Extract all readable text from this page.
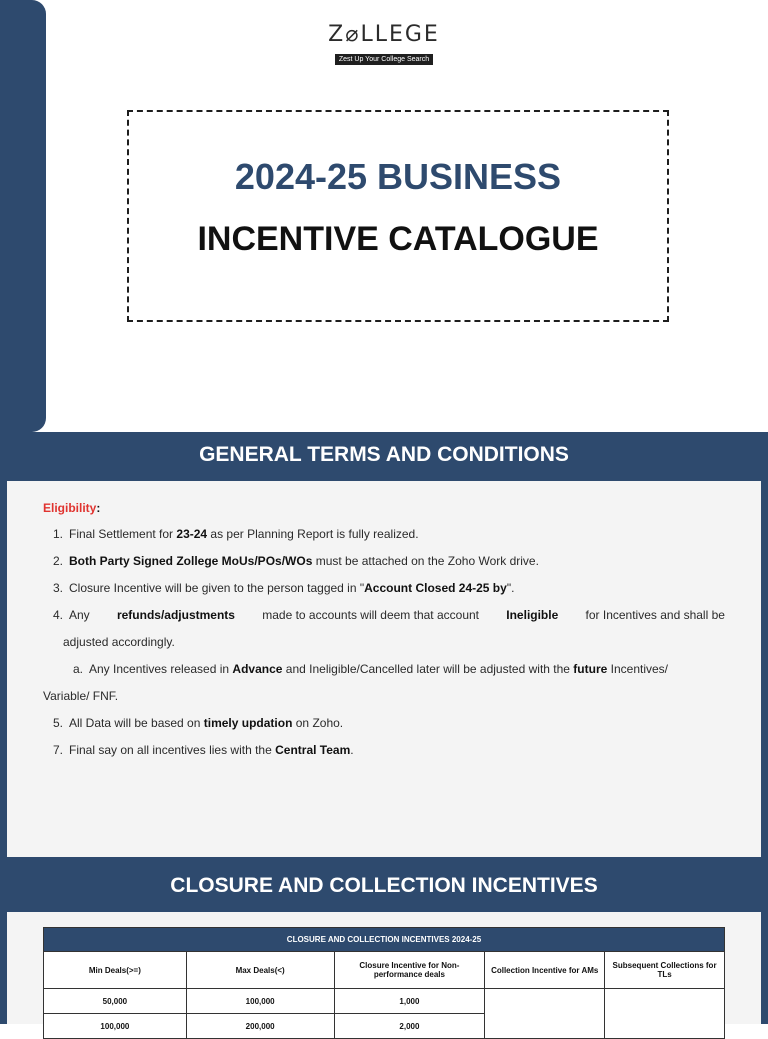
Z⌀LLEGE
Zest Up Your College Search
2024-25 BUSINESS
INCENTIVE CATALOGUE
GENERAL TERMS AND CONDITIONS
Eligibility:
1. Final Settlement for 23-24 as per Planning Report is fully realized.
2. Both Party Signed Zollege MoUs/POs/WOs must be attached on the Zoho Work drive.
3. Closure Incentive will be given to the person tagged in "Account Closed 24-25 by".
4. Any refunds/adjustments made to accounts will deem that account Ineligible for Incentives and shall be
adjusted accordingly.
a. Any Incentives released in Advance and Ineligible/Cancelled later will be adjusted with the future Incentives/
Variable/ FNF.
5. All Data will be based on timely updation on Zoho.
7. Final say on all incentives lies with the Central Team.
CLOSURE AND COLLECTION INCENTIVES
CLOSURE AND COLLECTION INCENTIVES 2024-25				
Min Deals(>=)	Max Deals(<)	Closure Incentive for Non-performance deals	Collection Incentive for AMs	Subsequent Collections for TLs
50,000	100,000	1,000		
100,000	200,000	2,000		
